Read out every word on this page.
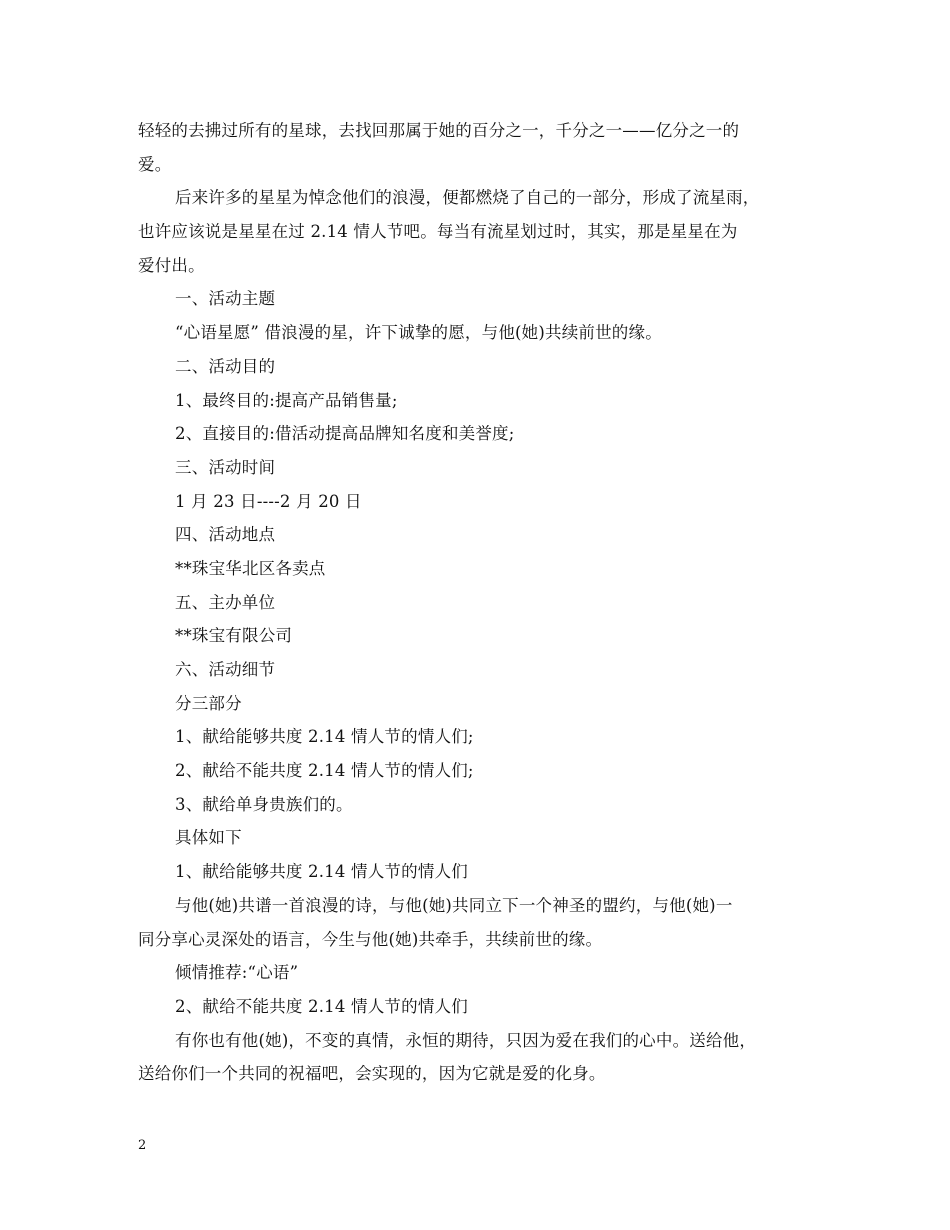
轻轻的去拂过所有的星球，去找回那属于她的百分之一，千分之一——亿分之一的
爱。
后来许多的星星为悼念他们的浪漫，便都燃烧了自己的一部分，形成了流星雨，
也许应该说是星星在过 2.14 情人节吧。每当有流星划过时，其实，那是星星在为
爱付出。
一、活动主题
“心语星愿” 借浪漫的星，许下诚挚的愿，与他(她)共续前世的缘。
二、活动目的
1、最终目的:提高产品销售量;
2、直接目的:借活动提高品牌知名度和美誉度;
三、活动时间
1 月 23 日----2 月 20 日
四、活动地点
**珠宝华北区各卖点
五、主办单位
**珠宝有限公司
六、活动细节
分三部分
1、献给能够共度 2.14 情人节的情人们;
2、献给不能共度 2.14 情人节的情人们;
3、献给单身贵族们的。
具体如下
1、献给能够共度 2.14 情人节的情人们
与他(她)共谱一首浪漫的诗，与他(她)共同立下一个神圣的盟约，与他(她)一
同分享心灵深处的语言，今生与他(她)共牵手，共续前世的缘。
倾情推荐:“心语”
2、献给不能共度 2.14 情人节的情人们
有你也有他(她)，不变的真情，永恒的期待，只因为爱在我们的心中。送给他，
送给你们一个共同的祝福吧，会实现的，因为它就是爱的化身。
2
